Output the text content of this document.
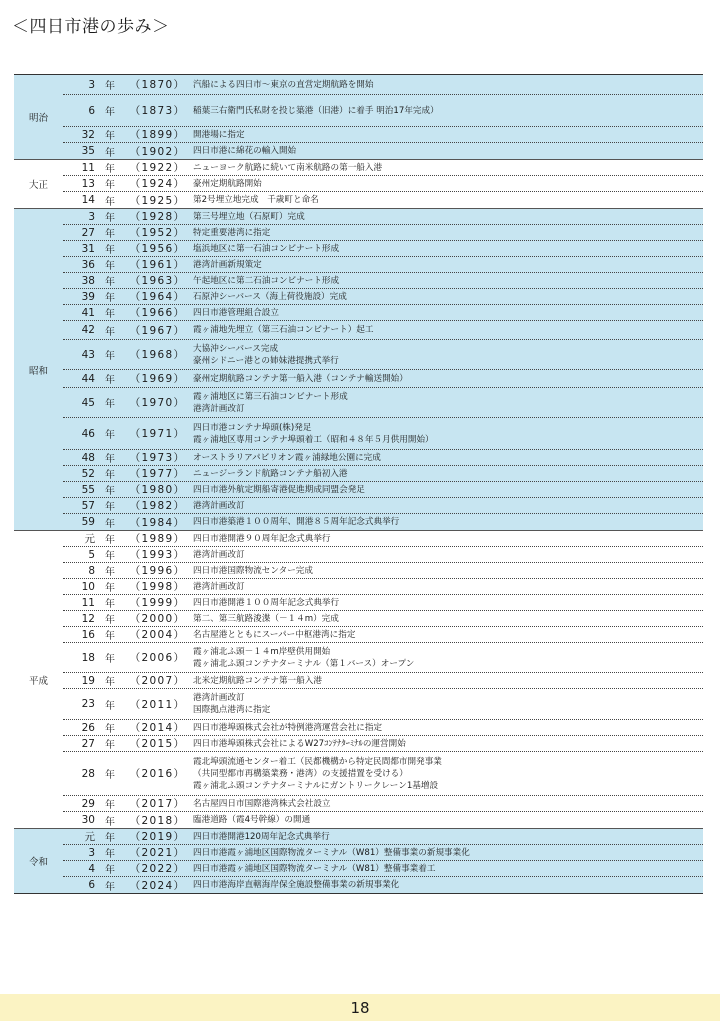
＜四日市港の歩み＞
明治
3	年	（1870） 汽船による四日市～東京の直営定期航路を開始
6	年	（1873） 稲葉三右衛門氏私財を投じ築港（旧港）に着手 明治17年完成）
32	年	（1899） 開港場に指定
35	年	（1902） 四日市港に綿花の輸入開始
大正
11	年	（1922） ニューヨーク航路に続いて南米航路の第一船入港
13	年	（1924） 豪州定期航路開始
14	年	（1925） 第2号埋立地完成　千歳町と命名
昭和
3	年	（1928） 第三号埋立地（石原町）完成
27	年	（1952） 特定重要港湾に指定
31	年	（1956） 塩浜地区に第一石油コンビナート形成
36	年	（1961） 港湾計画新規策定
38	年	（1963） 午起地区に第二石油コンビナート形成
39	年	（1964） 石原沖シーバース（海上荷役施設）完成
41	年	（1966） 四日市港管理組合設立
42	年	（1967） 霞ヶ浦地先埋立（第三石油コンビナート）起工
43	年	（1968）
大協沖シーバース完成
豪州シドニー港との姉妹港提携式挙行
44	年	（1969） 豪州定期航路コンテナ第一船入港（コンテナ輸送開始）
45	年	（1970）
霞ヶ浦地区に第三石油コンビナート形成
港湾計画改訂
46	年	（1971）
四日市港コンテナ埠頭(株)発足
霞ヶ浦地区専用コンテナ埠頭着工（昭和４８年５月供用開始）
48	年	（1973） オーストラリアパビリオン霞ヶ浦緑地公園に完成
52	年	（1977） ニュージーランド航路コンテナ船初入港
55	年	（1980） 四日市港外航定期船寄港促進期成同盟会発足
57	年	（1982） 港湾計画改訂
59	年	（1984） 四日市港築港１００周年、開港８５周年記念式典挙行
平成
元	年	（1989） 四日市港開港９０周年記念式典挙行
5	年	（1993） 港湾計画改訂
8	年	（1996） 四日市港国際物流センター完成
10	年	（1998） 港湾計画改訂
11	年	（1999） 四日市港開港１００周年記念式典挙行
12	年	（2000） 第二、第三航路浚渫（－１４m）完成
16	年	（2004） 名古屋港とともにスーパー中枢港湾に指定
18	年	（2006）
霞ヶ浦北ふ頭－１４m岸壁供用開始
霞ヶ浦北ふ頭コンテナターミナル（第１バース）オープン
19	年	（2007） 北米定期航路コンテナ第一船入港
23	年	（2011）
港湾計画改訂
国際拠点港湾に指定
26	年	（2014） 四日市港埠頭株式会社が特例港湾運営会社に指定
27	年	（2015） 四日市港埠頭株式会社によるW27ｺﾝﾃﾅﾀｰﾐﾅﾙの運営開始
28	年	（2016）
霞北埠頭流通センター着工（民都機構から特定民間都市開発事業
（共同型都市再構築業務・港湾）の支援措置を受ける）
霞ヶ浦北ふ頭コンテナターミナルにガントリークレーン1基増設
29	年	（2017） 名古屋四日市国際港湾株式会社設立
30	年	（2018） 臨港道路（霞4号幹線）の開通
令和
元	年	（2019） 四日市港開港120周年記念式典挙行
3	年	（2021） 四日市港霞ヶ浦地区国際物流ターミナル（W81）整備事業の新規事業化
4	年	（2022） 四日市港霞ヶ浦地区国際物流ターミナル（W81）整備事業着工
6	年	（2024） 四日市港海岸直轄海岸保全施設整備事業の新規事業化
18
